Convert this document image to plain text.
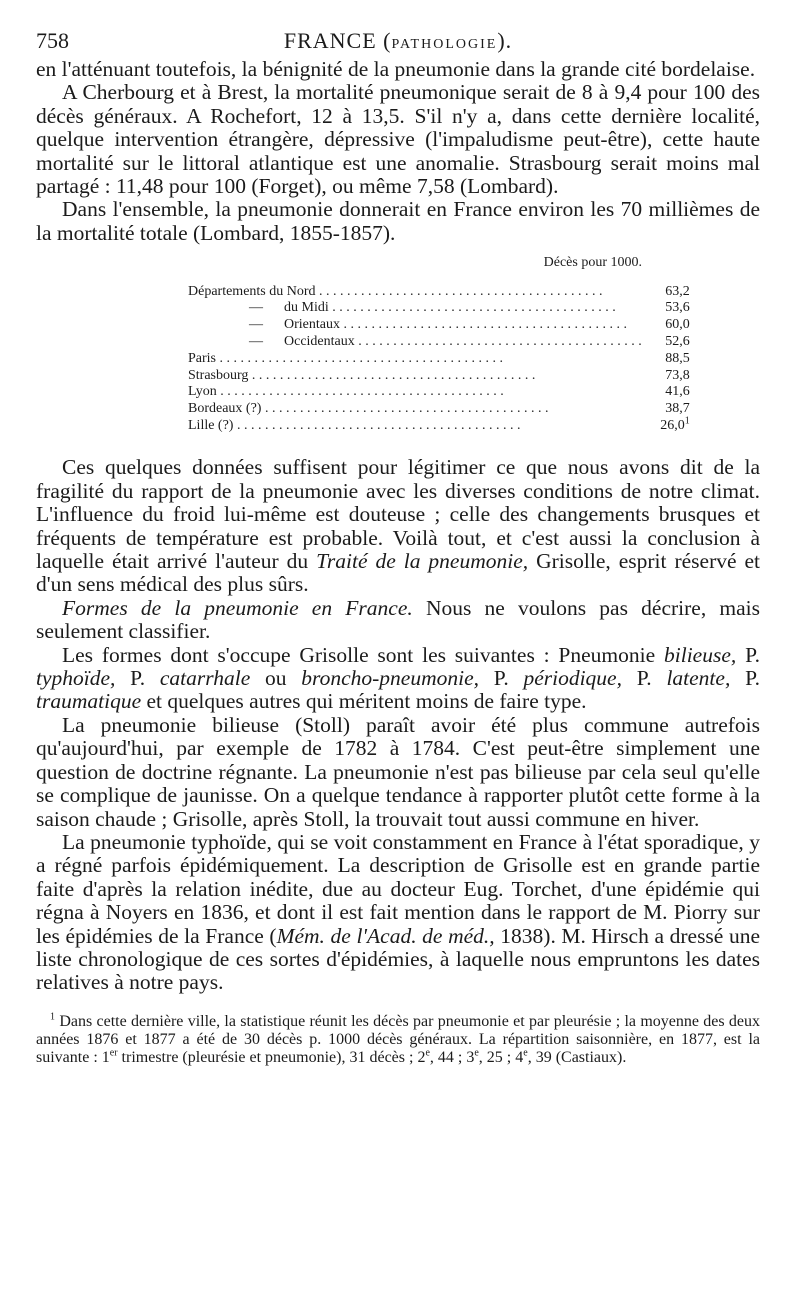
758	FRANCE (PATHOLOGIE).

en l'atténuant toutefois, la bénignité de la pneumonie dans la grande cité bordelaise.

A Cherbourg et à Brest, la mortalité pneumonique serait de 8 à 9,4 pour 100 des décès généraux. A Rochefort, 12 à 13,5. S'il n'y a, dans cette dernière localité, quelque intervention étrangère, dépressive (l'impaludisme peut-être), cette haute mortalité sur le littoral atlantique est une anomalie. Strasbourg serait moins mal partagé : 11,48 pour 100 (Forget), ou même 7,58 (Lombard).

Dans l'ensemble, la pneumonie donnerait en France environ les 70 millièmes de la mortalité totale (Lombard, 1855-1857).

Décès pour 1000.
Départements du Nord . . . . . . . . . . . . . . . . . . . . . . . . . . . . . . . . . . . . . . . . .	63,2
— du Midi . . . . . . . . . . . . . . . . . . . . . . . . . . . . . . . . . . . . . . . . .	53,6
— Orientaux . . . . . . . . . . . . . . . . . . . . . . . . . . . . . . . . . . . . . . . . .	60,0
— Occidentaux . . . . . . . . . . . . . . . . . . . . . . . . . . . . . . . . . . . . . . . . .	52,6
Paris . . . . . . . . . . . . . . . . . . . . . . . . . . . . . . . . . . . . . . . . .	88,5
Strasbourg . . . . . . . . . . . . . . . . . . . . . . . . . . . . . . . . . . . . . . . . .	73,8
Lyon . . . . . . . . . . . . . . . . . . . . . . . . . . . . . . . . . . . . . . . . .	41,6
Bordeaux (?) . . . . . . . . . . . . . . . . . . . . . . . . . . . . . . . . . . . . . . . . .	38,7
Lille (?) . . . . . . . . . . . . . . . . . . . . . . . . . . . . . . . . . . . . . . . . .	26,0$^1$

Ces quelques données suffisent pour légitimer ce que nous avons dit de la fragilité du rapport de la pneumonie avec les diverses conditions de notre climat. L'influence du froid lui-même est douteuse ; celle des changements brusques et fréquents de température est probable. Voilà tout, et c'est aussi la conclusion à laquelle était arrivé l'auteur du Traité de la pneumonie, Grisolle, esprit réservé et d'un sens médical des plus sûrs.

Formes de la pneumonie en France. Nous ne voulons pas décrire, mais seulement classifier.

Les formes dont s'occupe Grisolle sont les suivantes : Pneumonie bilieuse, P. typhoïde, P. catarrhale ou broncho-pneumonie, P. périodique, P. latente, P. traumatique et quelques autres qui méritent moins de faire type.

La pneumonie bilieuse (Stoll) paraît avoir été plus commune autrefois qu'aujourd'hui, par exemple de 1782 à 1784. C'est peut-être simplement une question de doctrine régnante. La pneumonie n'est pas bilieuse par cela seul qu'elle se complique de jaunisse. On a quelque tendance à rapporter plutôt cette forme à la saison chaude ; Grisolle, après Stoll, la trouvait tout aussi commune en hiver.

La pneumonie typhoïde, qui se voit constamment en France à l'état sporadique, y a régné parfois épidémiquement. La description de Grisolle est en grande partie faite d'après la relation inédite, due au docteur Eug. Torchet, d'une épidémie qui régna à Noyers en 1836, et dont il est fait mention dans le rapport de M. Piorry sur les épidémies de la France (Mém. de l'Acad. de méd., 1838). M. Hirsch a dressé une liste chronologique de ces sortes d'épidémies, à laquelle nous empruntons les dates relatives à notre pays.

$^1$ Dans cette dernière ville, la statistique réunit les décès par pneumonie et par pleurésie ; la moyenne des deux années 1876 et 1877 a été de 30 décès p. 1000 décès généraux. La répartition saisonnière, en 1877, est la suivante : 1er trimestre (pleurésie et pneumonie), 31 décès ; 2e, 44 ; 3e, 25 ; 4e, 39 (Castiaux).
